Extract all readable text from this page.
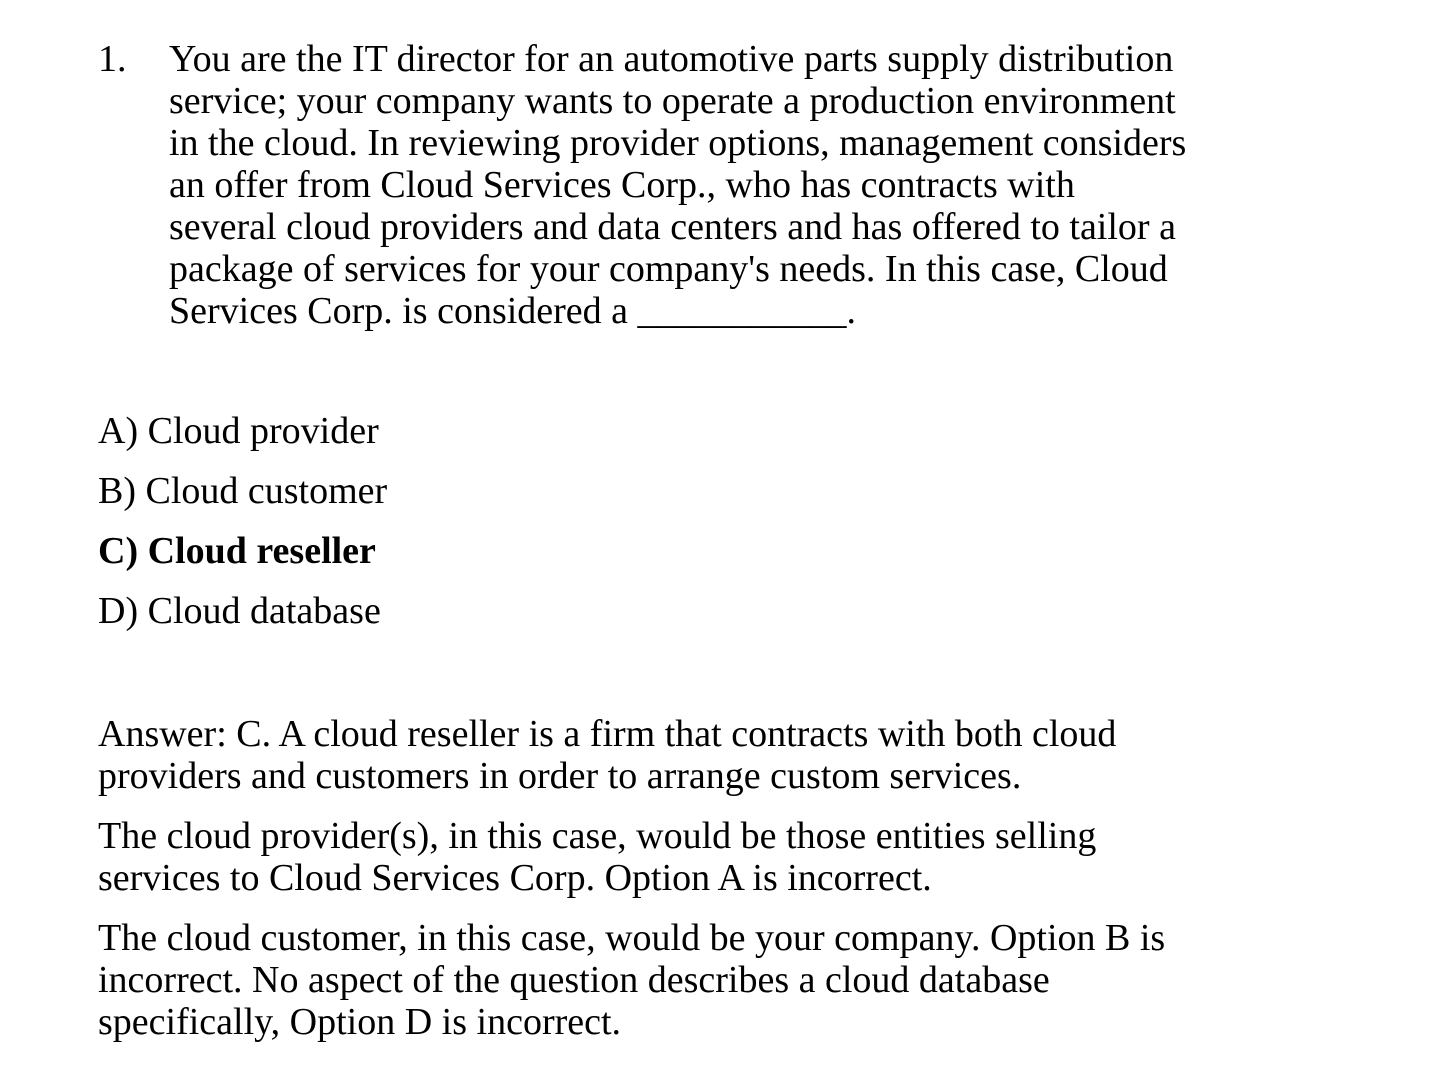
1.	You are the IT director for an automotive parts supply distribution
service; your company wants to operate a production environment
in the cloud. In reviewing provider options, management considers
an offer from Cloud Services Corp., who has contracts with
several cloud providers and data centers and has offered to tailor a
package of services for your company's needs. In this case, Cloud
Services Corp. is considered a ___________.
A) Cloud provider
B) Cloud customer
C) Cloud reseller
D) Cloud database
Answer: C. A cloud reseller is a firm that contracts with both cloud
providers and customers in order to arrange custom services.
The cloud provider(s), in this case, would be those entities selling
services to Cloud Services Corp. Option A is incorrect.
The cloud customer, in this case, would be your company. Option B is
incorrect. No aspect of the question describes a cloud database
specifically, Option D is incorrect.
